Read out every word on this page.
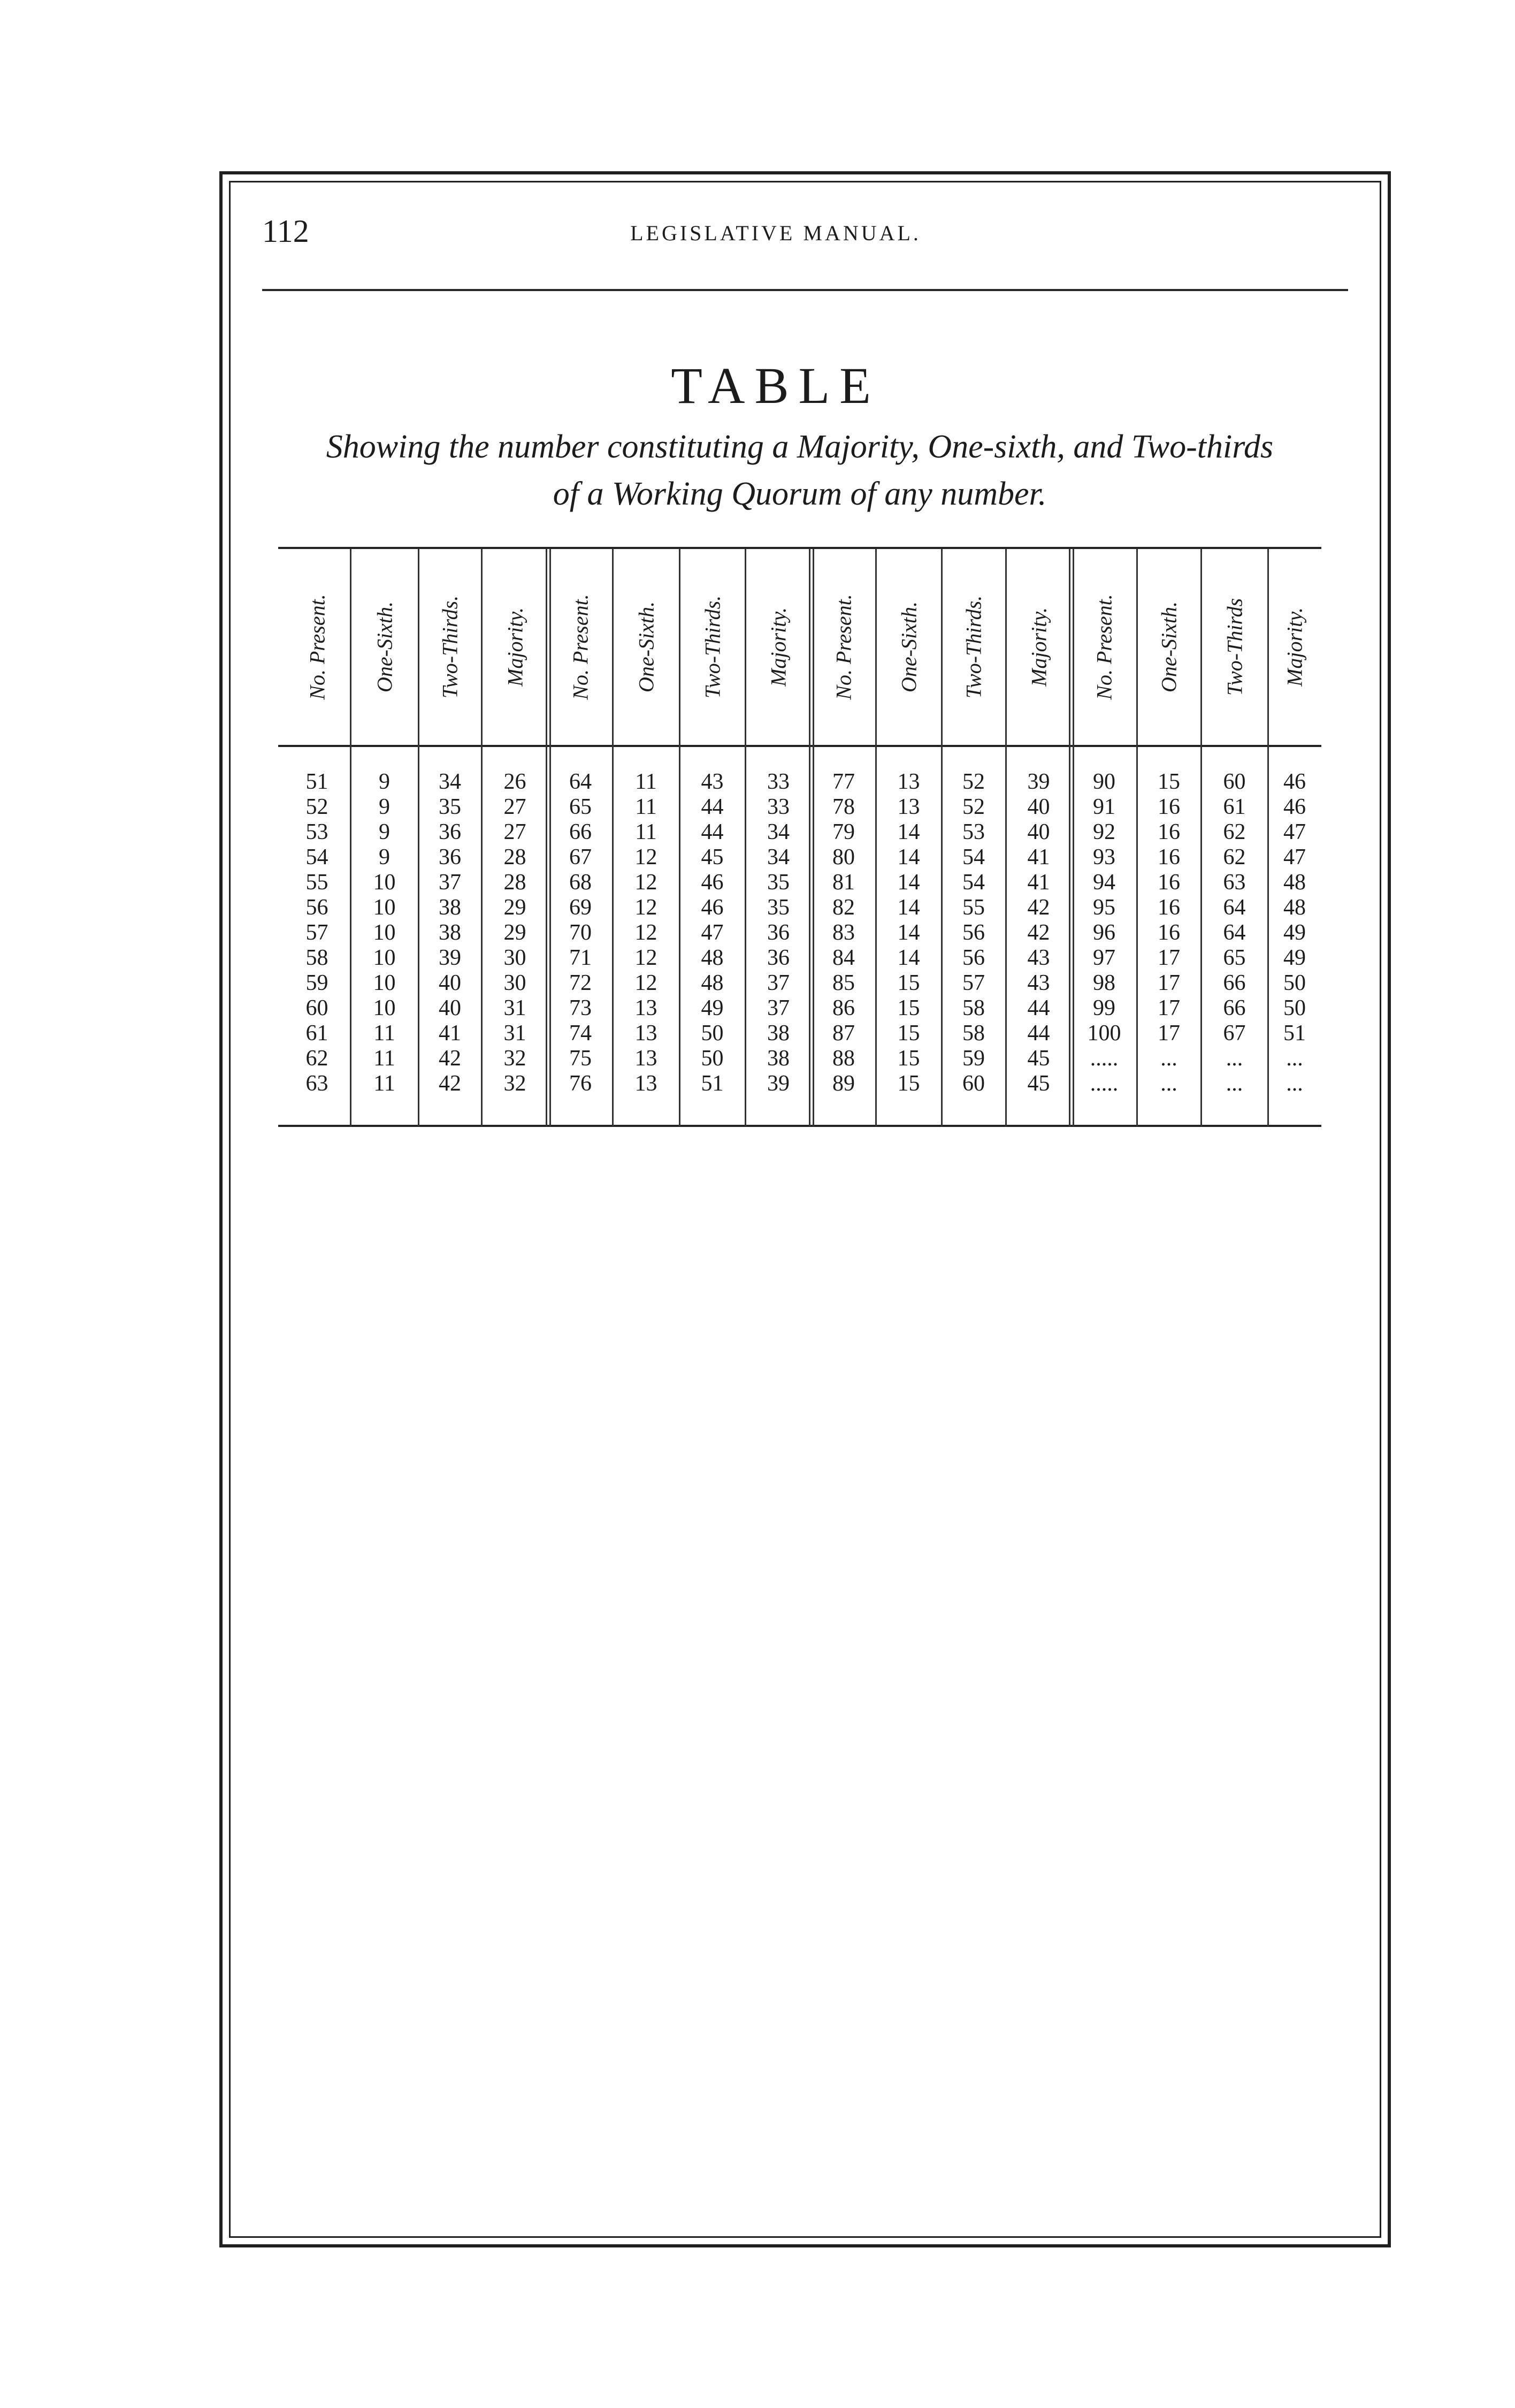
112	LEGISLATIVE MANUAL.
TABLE
Showing the number constituting a Majority, One-sixth, and Two-thirds
of a Working Quorum of any number.
No. Present.
51
52
53
54
55
56
57
58
59
60
61
62
63
One-Sixth.
9
9
9
9
10
10
10
10
10
10
11
11
11
Two-Thirds.
34
35
36
36
37
38
38
39
40
40
41
42
42
Majority.
26
27
27
28
28
29
29
30
30
31
31
32
32
No. Present.
64
65
66
67
68
69
70
71
72
73
74
75
76
One-Sixth.
11
11
11
12
12
12
12
12
12
13
13
13
13
Two-Thirds.
43
44
44
45
46
46
47
48
48
49
50
50
51
Majority.
33
33
34
34
35
35
36
36
37
37
38
38
39
No. Present.
77
78
79
80
81
82
83
84
85
86
87
88
89
One-Sixth.
13
13
14
14
14
14
14
14
15
15
15
15
15
Two-Thirds.
52
52
53
54
54
55
56
56
57
58
58
59
60
Majority.
39
40
40
41
41
42
42
43
43
44
44
45
45
No. Present.
90
91
92
93
94
95
96
97
98
99
100
.....
.....
One-Sixth.
15
16
16
16
16
16
16
17
17
17
17
...
...
Two-Thirds
60
61
62
62
63
64
64
65
66
66
67
...
...
Majority.
46
46
47
47
48
48
49
49
50
50
51
...
...
